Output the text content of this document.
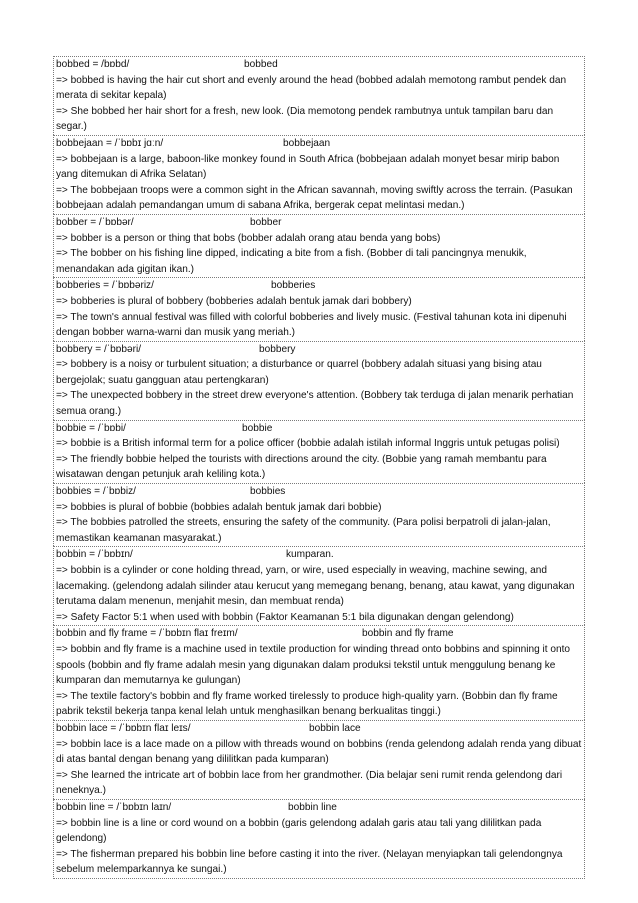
bobbed = /bɒbd/	bobbed

=> bobbed is having the hair cut short and evenly around the head (bobbed adalah memotong rambut pendek dan merata di sekitar kepala)

=> She bobbed her hair short for a fresh, new look. (Dia memotong pendek rambutnya untuk tampilan baru dan segar.)

bobbejaan = /ˈbɒbɪ jɑːn/	bobbejaan

=> bobbejaan is a large, baboon-like monkey found in South Africa (bobbejaan adalah monyet besar mirip babon yang ditemukan di Afrika Selatan)

=> The bobbejaan troops were a common sight in the African savannah, moving swiftly across the terrain. (Pasukan bobbejaan adalah pemandangan umum di sabana Afrika, bergerak cepat melintasi medan.)

bobber = /ˈbɒbər/	bobber

=> bobber is a person or thing that bobs (bobber adalah orang atau benda yang bobs)

=> The bobber on his fishing line dipped, indicating a bite from a fish. (Bobber di tali pancingnya menukik, menandakan ada gigitan ikan.)

bobberies = /ˈbɒbəriz/	bobberies

=> bobberies is plural of bobbery (bobberies adalah bentuk jamak dari bobbery)

=> The town's annual festival was filled with colorful bobberies and lively music. (Festival tahunan kota ini dipenuhi dengan bobber warna-warni dan musik yang meriah.)

bobbery = /ˈbɒbəri/	bobbery

=> bobbery is a noisy or turbulent situation; a disturbance or quarrel (bobbery adalah situasi yang bising atau bergejolak; suatu gangguan atau pertengkaran)

=> The unexpected bobbery in the street drew everyone's attention. (Bobbery tak terduga di jalan menarik perhatian semua orang.)

bobbie = /ˈbɒbi/	bobbie

=> bobbie is a British informal term for a police officer (bobbie adalah istilah informal Inggris untuk petugas polisi)

=> The friendly bobbie helped the tourists with directions around the city. (Bobbie yang ramah membantu para wisatawan dengan petunjuk arah keliling kota.)

bobbies = /ˈbɒbiz/	bobbies

=> bobbies is plural of bobbie (bobbies adalah bentuk jamak dari bobbie)

=> The bobbies patrolled the streets, ensuring the safety of the community. (Para polisi berpatroli di jalan-jalan, memastikan keamanan masyarakat.)

bobbin = /ˈbɒbɪn/	kumparan.

=> bobbin is a cylinder or cone holding thread, yarn, or wire, used especially in weaving, machine sewing, and lacemaking. (gelendong adalah silinder atau kerucut yang memegang benang, benang, atau kawat, yang digunakan terutama dalam menenun, menjahit mesin, dan membuat renda)

=> Safety Factor 5:1 when used with bobbin (Faktor Keamanan 5:1 bila digunakan dengan gelendong)

bobbin and fly frame = /ˈbɒbɪn flaɪ freɪm/	bobbin and fly frame

=> bobbin and fly frame is a machine used in textile production for winding thread onto bobbins and spinning it onto spools (bobbin and fly frame adalah mesin yang digunakan dalam produksi tekstil untuk menggulung benang ke kumparan dan memutarnya ke gulungan)

=> The textile factory's bobbin and fly frame worked tirelessly to produce high-quality yarn. (Bobbin dan fly frame pabrik tekstil bekerja tanpa kenal lelah untuk menghasilkan benang berkualitas tinggi.)

bobbin lace = /ˈbɒbɪn flaɪ leɪs/	bobbin lace

=> bobbin lace is a lace made on a pillow with threads wound on bobbins (renda gelendong adalah renda yang dibuat di atas bantal dengan benang yang dililitkan pada kumparan)

=> She learned the intricate art of bobbin lace from her grandmother. (Dia belajar seni rumit renda gelendong dari neneknya.)

bobbin line = /ˈbɒbɪn laɪn/	bobbin line

=> bobbin line is a line or cord wound on a bobbin (garis gelendong adalah garis atau tali yang dililitkan pada gelendong)

=> The fisherman prepared his bobbin line before casting it into the river. (Nelayan menyiapkan tali gelendongnya sebelum melemparkannya ke sungai.)
